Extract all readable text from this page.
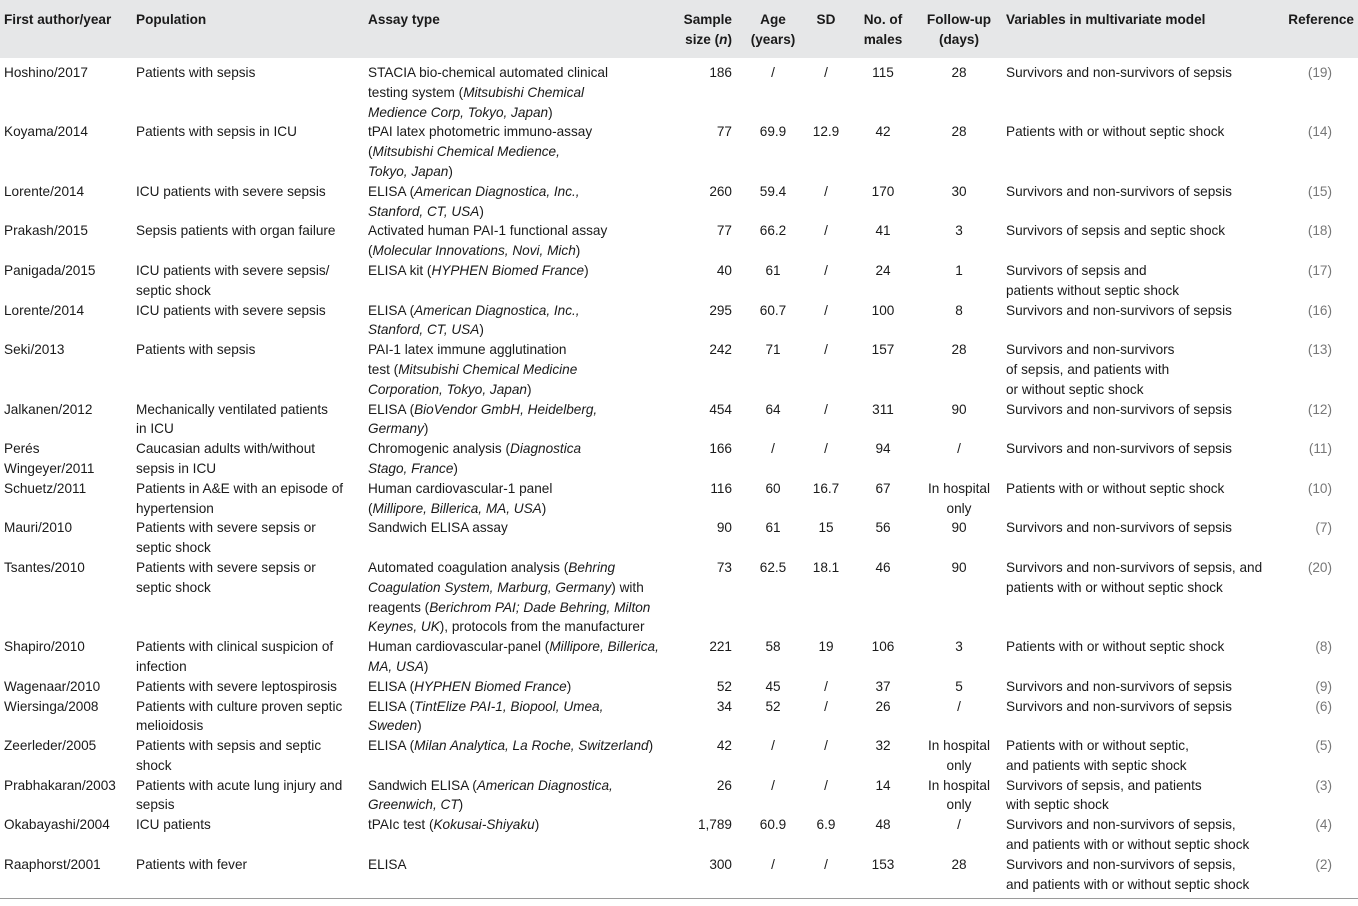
First author/year	Population	Assay type	Sample
size (n)	Age
(years)	SD	No. of
males	Follow-up
(days)	Variables in multivariate model	Reference
Hoshino/2017	Patients with sepsis	STACIA bio-chemical automated clinical
testing system (Mitsubishi Chemical
Medience Corp, Tokyo, Japan)	186	/	/	115	28	Survivors and non-survivors of sepsis	(19)
Koyama/2014	Patients with sepsis in ICU	tPAI latex photometric immuno-assay
(Mitsubishi Chemical Medience,
Tokyo, Japan)	77	69.9	12.9	42	28	Patients with or without septic shock	(14)
Lorente/2014	ICU patients with severe sepsis	ELISA (American Diagnostica, Inc.,
Stanford, CT, USA)	260	59.4	/	170	30	Survivors and non-survivors of sepsis	(15)
Prakash/2015	Sepsis patients with organ failure	Activated human PAI-1 functional assay
(Molecular Innovations, Novi, Mich)	77	66.2	/	41	3	Survivors of sepsis and septic shock	(18)
Panigada/2015	ICU patients with severe sepsis/
septic shock	ELISA kit (HYPHEN Biomed France)	40	61	/	24	1	Survivors of sepsis and
patients without septic shock	(17)
Lorente/2014	ICU patients with severe sepsis	ELISA (American Diagnostica, Inc.,
Stanford, CT, USA)	295	60.7	/	100	8	Survivors and non-survivors of sepsis	(16)
Seki/2013	Patients with sepsis	PAI-1 latex immune agglutination
test (Mitsubishi Chemical Medicine
Corporation, Tokyo, Japan)	242	71	/	157	28	Survivors and non-survivors
of sepsis, and patients with
or without septic shock	(13)
Jalkanen/2012	Mechanically ventilated patients
in ICU	ELISA (BioVendor GmbH, Heidelberg,
Germany)	454	64	/	311	90	Survivors and non-survivors of sepsis	(12)
Perés
Wingeyer/2011	Caucasian adults with/without
sepsis in ICU	Chromogenic analysis (Diagnostica
Stago, France)	166	/	/	94	/	Survivors and non-survivors of sepsis	(11)
Schuetz/2011	Patients in A&E with an episode of
hypertension	Human cardiovascular-1 panel
(Millipore, Billerica, MA, USA)	116	60	16.7	67	In hospital
only	Patients with or without septic shock	(10)
Mauri/2010	Patients with severe sepsis or
septic shock	Sandwich ELISA assay	90	61	15	56	90	Survivors and non-survivors of sepsis	(7)
Tsantes/2010	Patients with severe sepsis or
septic shock	Automated coagulation analysis (Behring
Coagulation System, Marburg, Germany) with
reagents (Berichrom PAI; Dade Behring, Milton
Keynes, UK), protocols from the manufacturer	73	62.5	18.1	46	90	Survivors and non-survivors of sepsis, and
patients with or without septic shock	(20)
Shapiro/2010	Patients with clinical suspicion of
infection	Human cardiovascular-panel (Millipore, Billerica,
MA, USA)	221	58	19	106	3	Patients with or without septic shock	(8)
Wagenaar/2010	Patients with severe leptospirosis	ELISA (HYPHEN Biomed France)	52	45	/	37	5	Survivors and non-survivors of sepsis	(9)
Wiersinga/2008	Patients with culture proven septic
melioidosis	ELISA (TintElize PAI-1, Biopool, Umea, Sweden)	34	52	/	26	/	Survivors and non-survivors of sepsis	(6)
Zeerleder/2005	Patients with sepsis and septic
shock	ELISA (Milan Analytica, La Roche, Switzerland)	42	/	/	32	In hospital
only	Patients with or without septic,
and patients with septic shock	(5)
Prabhakaran/2003	Patients with acute lung injury and
sepsis	Sandwich ELISA (American Diagnostica,
Greenwich, CT)	26	/	/	14	In hospital
only	Survivors of sepsis, and patients
with septic shock	(3)
Okabayashi/2004	ICU patients	tPAIc test (Kokusai-Shiyaku)	1,789	60.9	6.9	48	/	Survivors and non-survivors of sepsis,
and patients with or without septic shock	(4)
Raaphorst/2001	Patients with fever	ELISA	300	/	/	153	28	Survivors and non-survivors of sepsis,
and patients with or without septic shock	(2)
